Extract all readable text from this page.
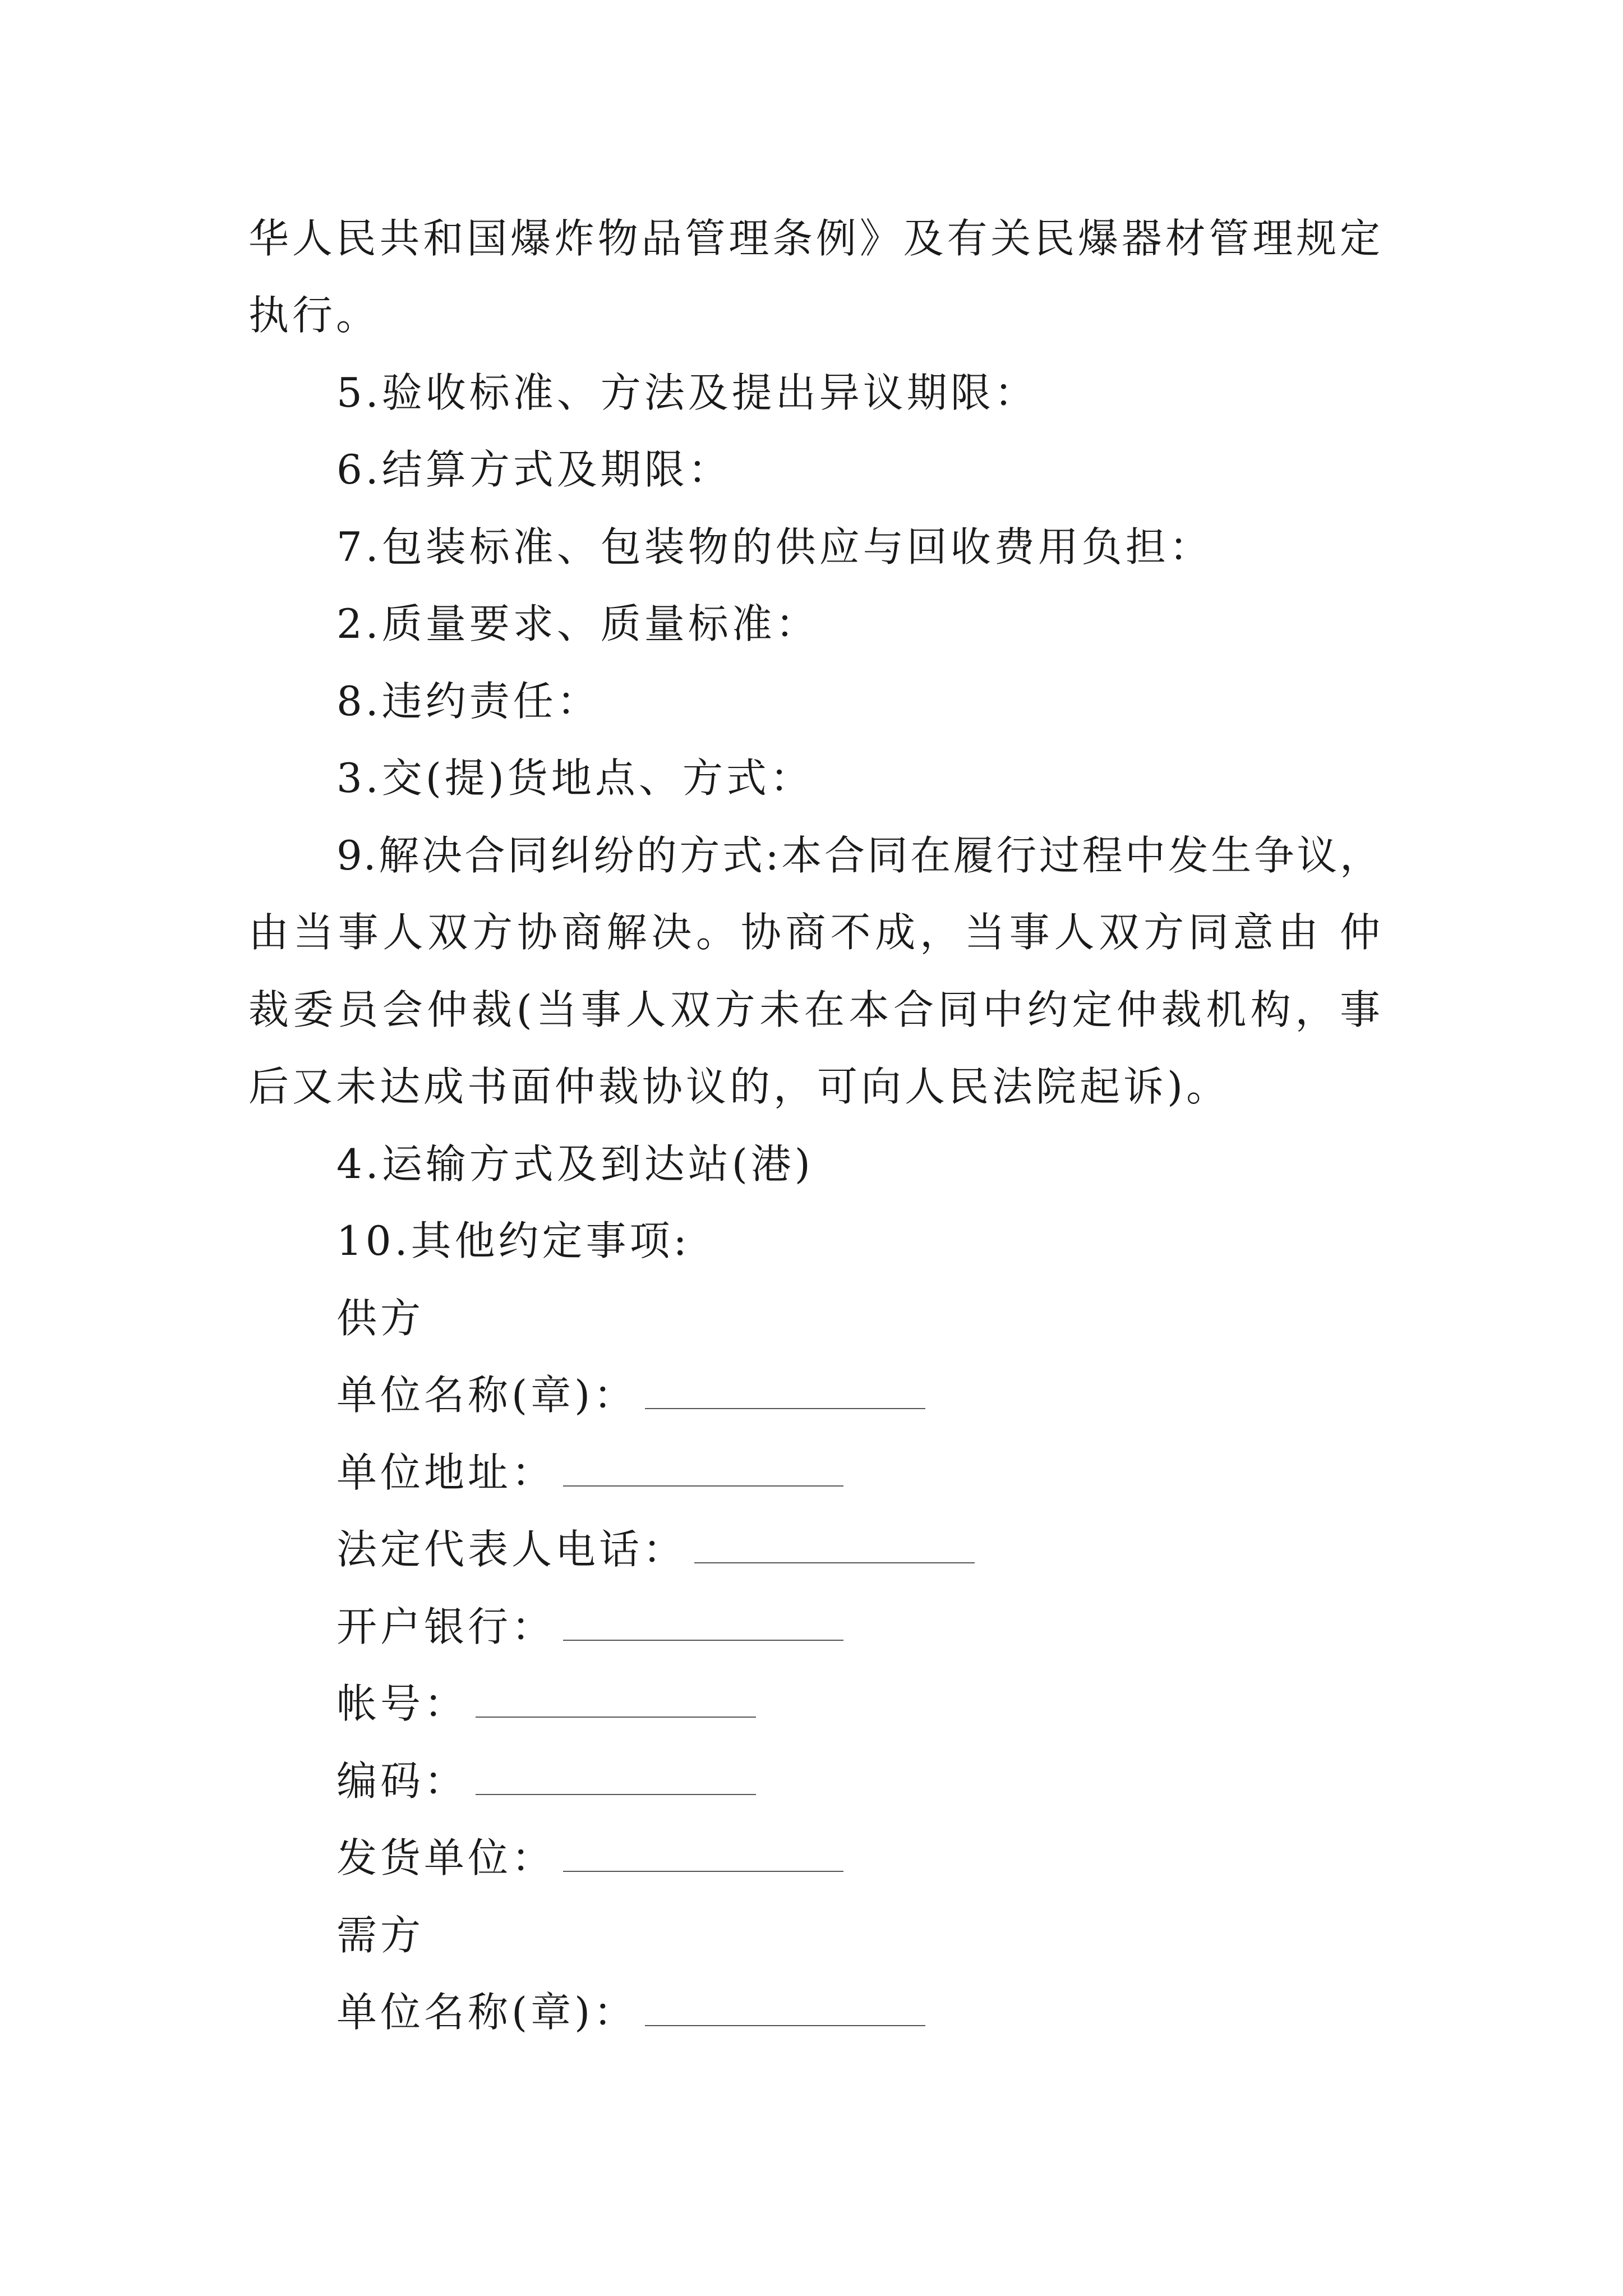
华人民共和国爆炸物品管理条例》及有关民爆器材管理规定
执行。
5.验收标准、方法及提出异议期限：
6.结算方式及期限：
7.包装标准、包装物的供应与回收费用负担：
2.质量要求、质量标准：
8.违约责任：
3.交(提)货地点、方式：
9.解决合同纠纷的方式:本合同在履行过程中发生争议，
由当事人双方协商解决。协商不成，当事人双方同意由 仲
裁委员会仲裁(当事人双方未在本合同中约定仲裁机构，事
后又未达成书面仲裁协议的，可向人民法院起诉)。
4.运输方式及到达站(港)
10.其他约定事项:
供方
单位名称(章)：
单位地址：
法定代表人电话：
开户银行：
帐号：
编码：
发货单位：
需方
单位名称(章)：
